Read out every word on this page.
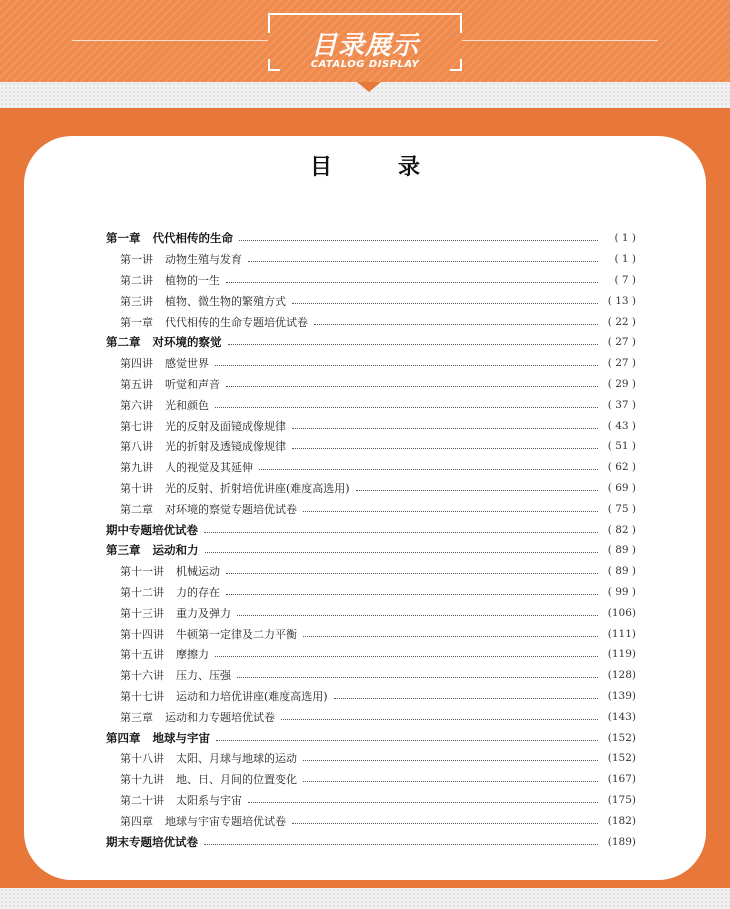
目录展示
CATALOG DISPLAY
目　录
第一章 代代相传的生命	( 1 )
第一讲 动物生殖与发育	( 1 )
第二讲 植物的一生	( 7 )
第三讲 植物、微生物的繁殖方式	( 13 )
第一章 代代相传的生命专题培优试卷	( 22 )
第二章 对环境的察觉	( 27 )
第四讲 感觉世界	( 27 )
第五讲 听觉和声音	( 29 )
第六讲 光和颜色	( 37 )
第七讲 光的反射及面镜成像规律	( 43 )
第八讲 光的折射及透镜成像规律	( 51 )
第九讲 人的视觉及其延伸	( 62 )
第十讲 光的反射、折射培优讲座(难度高选用)	( 69 )
第二章 对环境的察觉专题培优试卷	( 75 )
期中专题培优试卷	( 82 )
第三章 运动和力	( 89 )
第十一讲 机械运动	( 89 )
第十二讲 力的存在	( 99 )
第十三讲 重力及弹力	(106)
第十四讲 牛顿第一定律及二力平衡	(111)
第十五讲 摩擦力	(119)
第十六讲 压力、压强	(128)
第十七讲 运动和力培优讲座(难度高选用)	(139)
第三章 运动和力专题培优试卷	(143)
第四章 地球与宇宙	(152)
第十八讲 太阳、月球与地球的运动	(152)
第十九讲 地、日、月间的位置变化	(167)
第二十讲 太阳系与宇宙	(175)
第四章 地球与宇宙专题培优试卷	(182)
期末专题培优试卷	(189)
